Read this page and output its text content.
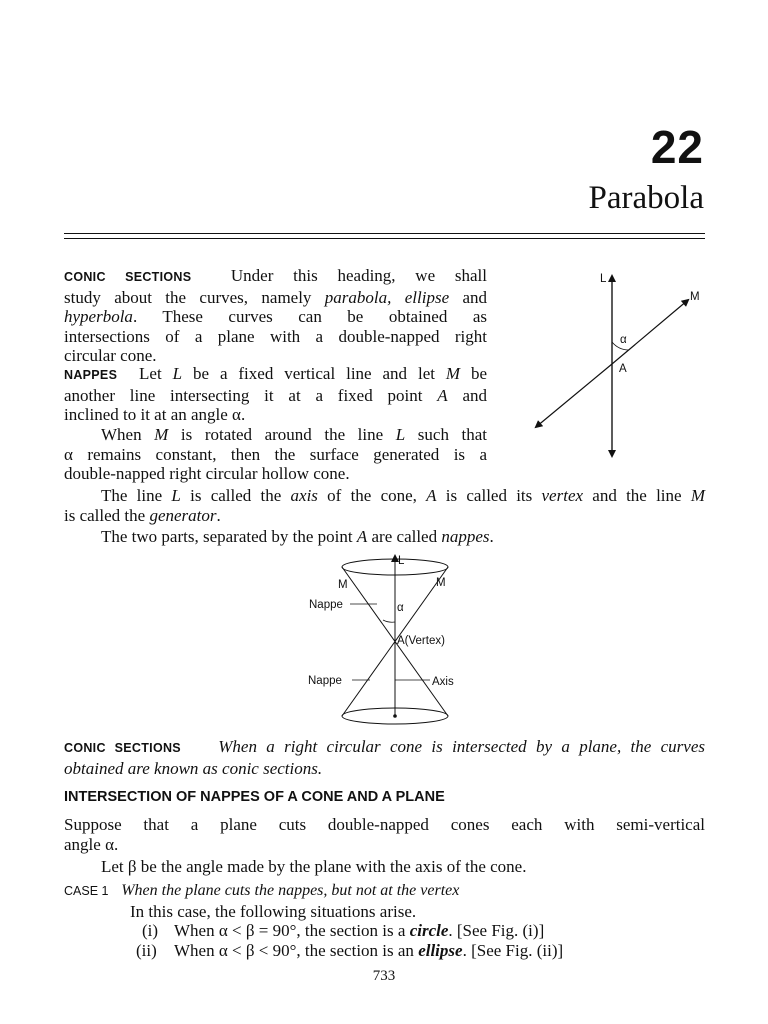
22
Parabola

CONIC SECTIONS Under this heading, we shall

study about the curves, namely parabola, ellipse and

hyperbola. These curves can be obtained as

intersections of a plane with a double-napped right

circular cone.

NAPPES Let L be a fixed vertical line and let M be

another line intersecting it at a fixed point A and

inclined to it at an angle α.

When M is rotated around the line L such that

α remains constant, then the surface generated is a

double-napped right circular hollow cone.

L
M
α
A

The line L is called the axis of the cone, A is called its vertex and the line M

is called the generator.

The two parts, separated by the point A are called nappes.

L
M	M
Nappe	α
A(Vertex)
Nappe	Axis

CONIC SECTIONS When a right circular cone is intersected by a plane, the curves

obtained are known as conic sections.

INTERSECTION OF NAPPES OF A CONE AND A PLANE

Suppose that a plane cuts double-napped cones each with semi-vertical

angle α.

Let β be the angle made by the plane with the axis of the cone.

CASE 1 When the plane cuts the nappes, but not at the vertex

In this case, the following situations arise.

(i) When α < β = 90°, the section is a circle. [See Fig. (i)]

(ii) When α < β < 90°, the section is an ellipse. [See Fig. (ii)]

733
